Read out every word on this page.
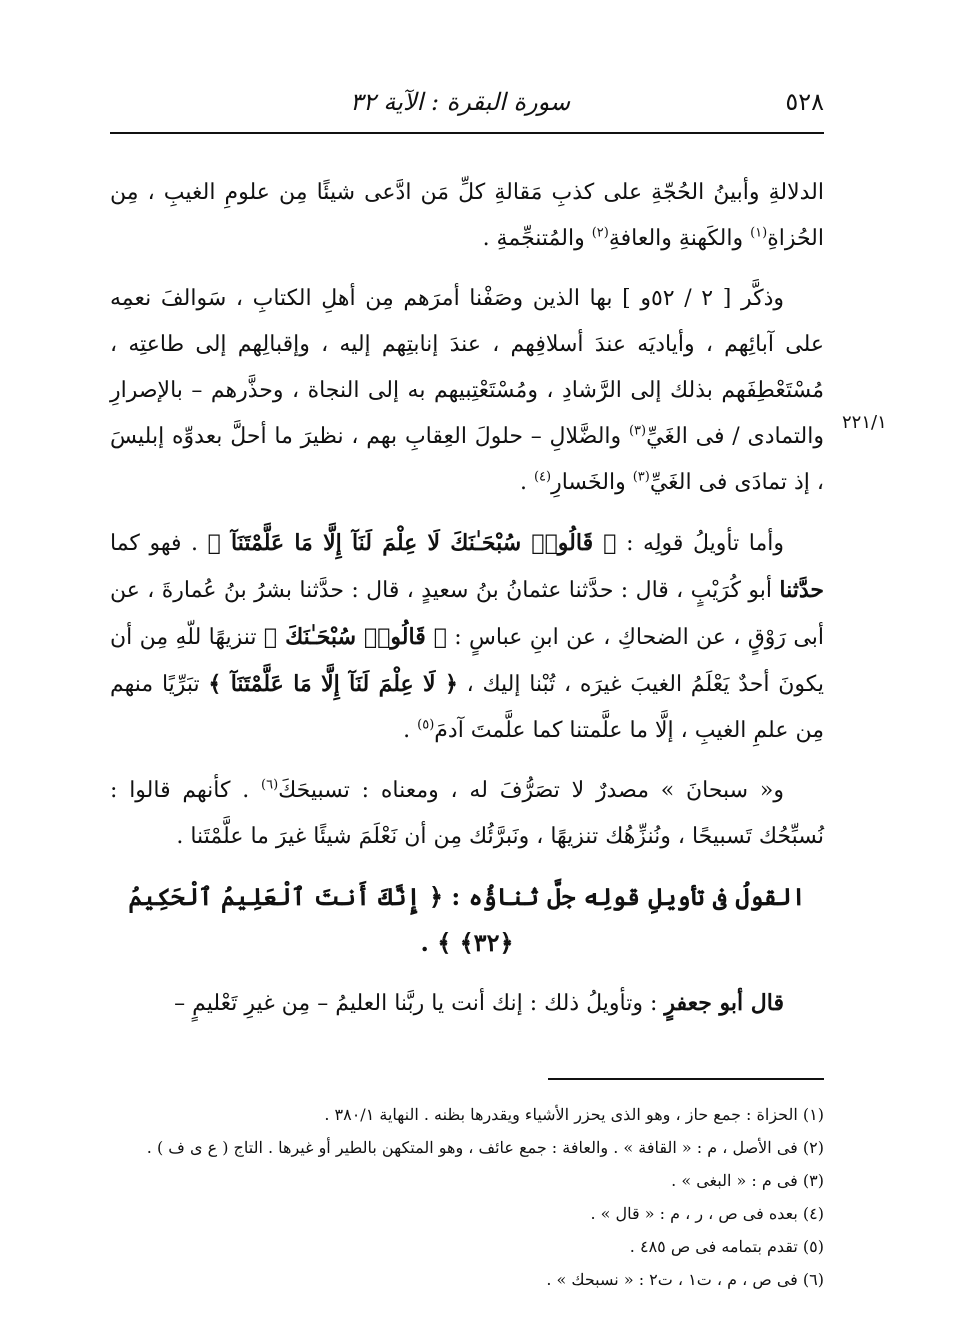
٥٢٨
سورة البقرة : الآية ٣٢
٢٢١/١

الدلالةِ وأبينُ الحُجّةِ على كذبِ مَقالةِ كلِّ مَن ادَّعى شيئًا مِن علومِ الغيبِ ، مِن الحُزاةِ$^{(١)}$ والكَهنةِ والعافةِ$^{(٢)}$ والمُتنجِّمةِ .

وذكَّر [ ٢ / ٥٢و ] بها الذين وصَفْنا أمرَهم مِن أهلِ الكتابِ ، سَوالفَ نعمِه على آبائِهم ، وأياديَه عندَ أسلافِهم ، عندَ إنابتِهم إليه ، وإقبالِهم إلى طاعتِه ، مُسْتَعْطِفَهم بذلك إلى الرَّشادِ ، ومُسْتَعْتِبيهم به إلى النجاة ، وحذَّرهم – بالإصرارِ والتمادى / فى الغَيِّ$^{(٣)}$ والضَّلالِ – حلولَ العِقابِ بهم ، نظيرَ ما أحلَّ بعدوِّه إبليسَ ، إذ تمادَى فى الغَيِّ$^{(٣)}$ والخَسارِ$^{(٤)}$ .

وأما تأويلُ قولِه : ﴿ قَالُوا۟ سُبْحَـٰنَكَ لَا عِلْمَ لَنَآ إِلَّا مَا عَلَّمْتَنَآ ﴾ . فهو كما حدَّثنا أبو كُرَيْبٍ ، قال : حدَّثنا عثمانُ بنُ سعيدٍ ، قال : حدَّثنا بشرُ بنُ عُمارةَ ، عن أبى رَوْقٍ ، عن الضحاكِ ، عن ابنِ عباسٍ : ﴿ قَالُوا۟ سُبْحَـٰنَكَ ﴾ تنزيهًا للّهِ مِن أن يكونَ أحدٌ يَعْلَمُ الغيبَ غيرَه ، تُبْنا إليك ، ﴿ لَا عِلْمَ لَنَآ إِلَّا مَا عَلَّمْتَنَآ ﴾ تبَرِّيًا منهم مِن علمِ الغيبِ ، إلَّا ما علَّمتنا كما علَّمتَ آدمَ$^{(٥)}$ .

و« سبحانَ » مصدرٌ لا تصَرُّفَ له ، ومعناه : تسبيحَكَ$^{(٦)}$ . كأنهم قالوا : نُسبِّحُك تَسبيحًا ، ونُنزِّهُك تنزيهًا ، ونَبرَّئُك مِن أن نَعْلَمَ شيئًا غيرَ ما علَّمْتَنا .

القولُ فى تأويلِ قولِه جلَّ ثناؤُه : ﴿ إِنَّكَ أَنتَ ٱلْعَلِيمُ ٱلْحَكِيمُ ﴿٣٢﴾ ﴾ .

قال أبو جعفرٍ : وتأويلُ ذلك : إنك أنت يا ربَّنا العليمُ – مِن غيرِ تَعْليمٍ –

(١) الحزاة : جمع حاز ، وهو الذى يحزر الأشياء ويقدرها بظنه . النهاية ٣٨٠/١ .
(٢) فى الأصل ، م : « القافة » . والعافة : جمع عائف ، وهو المتكهن بالطير أو غيرها . التاج ( ع ى ف ) .
(٣) فى م : « البغى » .
(٤) بعده فى ص ، ر ، م : « قال » .
(٥) تقدم بتمامه فى ص ٤٨٥ .
(٦) فى ص ، م ، ت١ ، ت٢ : « نسبحك » .
